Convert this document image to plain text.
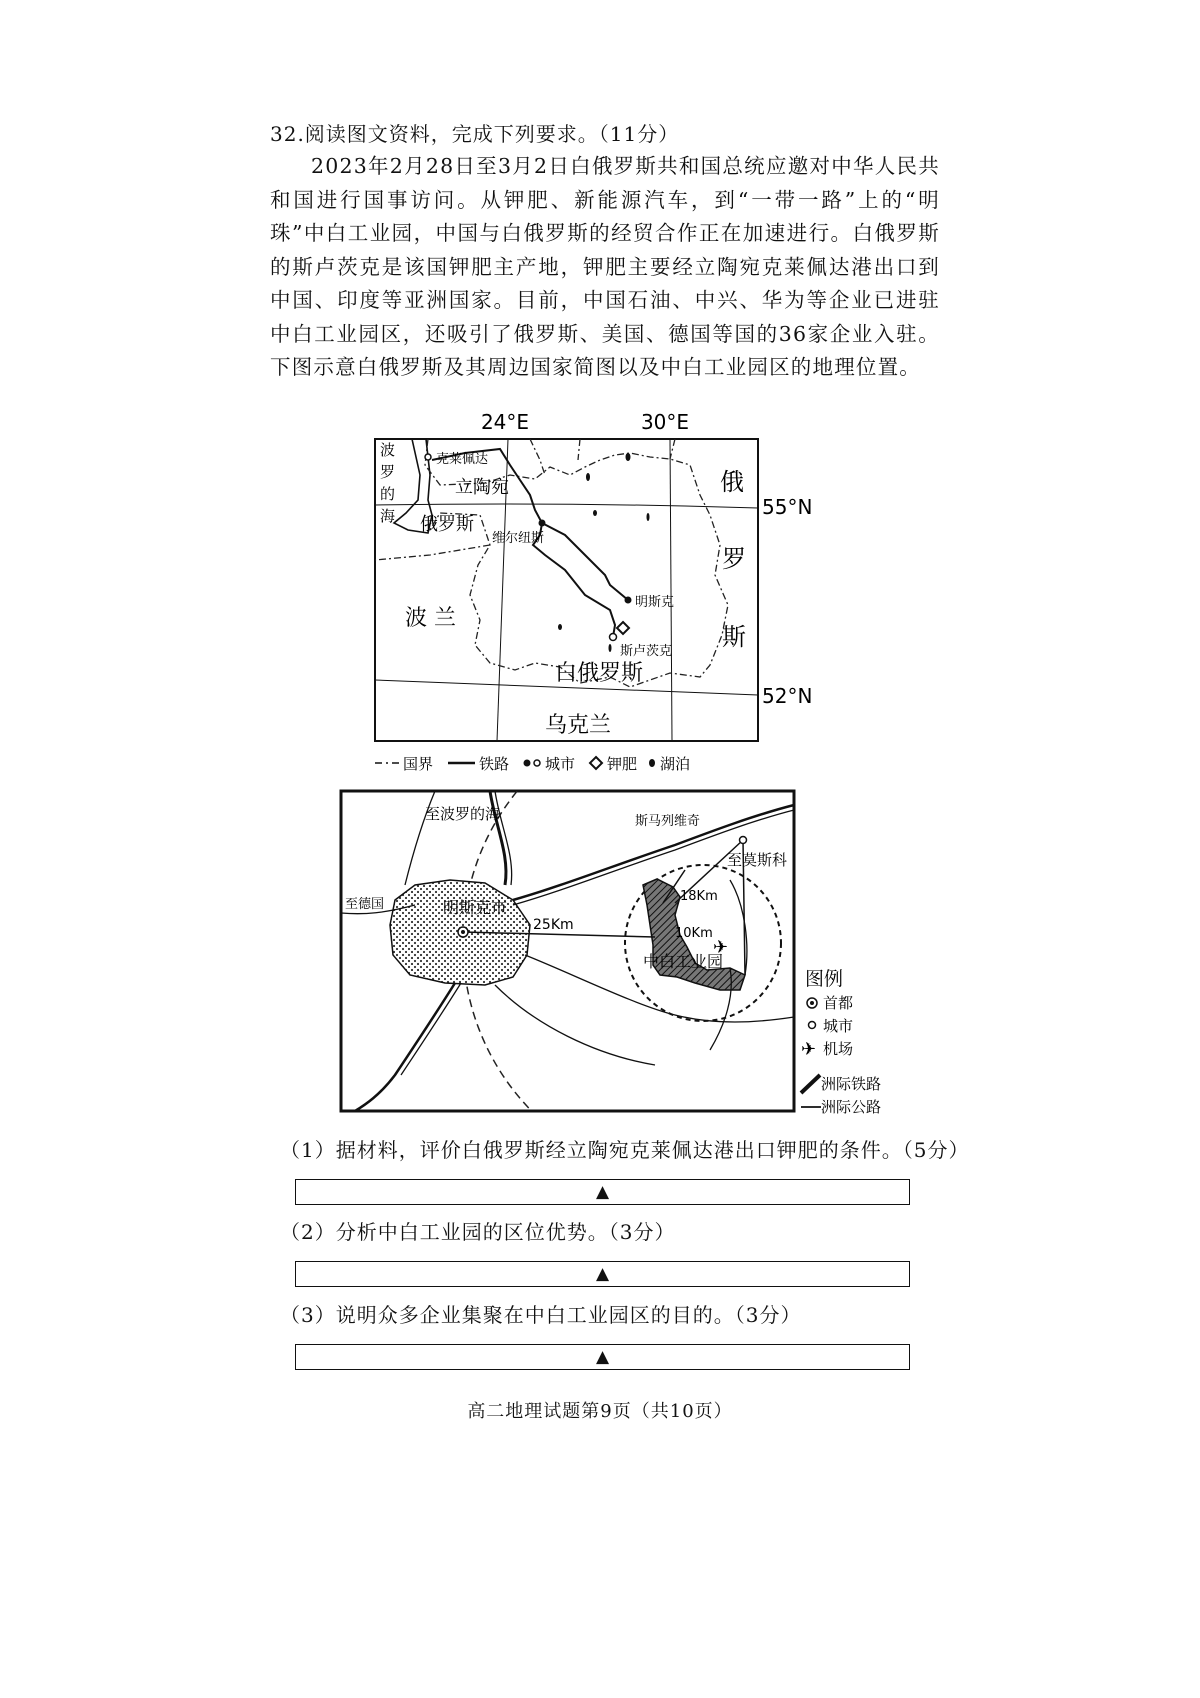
32.阅读图文资料，完成下列要求。（11分）

2023年2月28日至3月2日白俄罗斯共和国总统应邀对中华人民共和国进行国事访问。从钾肥、新能源汽车，到“一带一路”上的“明珠”中白工业园，中国与白俄罗斯的经贸合作正在加速进行。白俄罗斯的斯卢茨克是该国钾肥主产地，钾肥主要经立陶宛克莱佩达港出口到中国、印度等亚洲国家。目前，中国石油、中兴、华为等企业已进驻中白工业园区，还吸引了俄罗斯、美国、德国等国的36家企业入驻。下图示意白俄罗斯及其周边国家简图以及中白工业园区的地理位置。

24°E	30°E
55°N
52°N
波
罗
的
海
克莱佩达
立陶宛
俄罗斯
维尔纽斯
明斯克
斯卢茨克
波 兰
白俄罗斯
乌克兰
俄
罗
斯
国界	铁路 城市 钾肥 湖泊
✈
至波罗的海
至德国
斯马列维奇
至莫斯科
明斯克市
25Km
18Km
10Km
中白工业园
图例
首都
城市
✈ 机场
洲际铁路
洲际公路
（1）据材料，评价白俄罗斯经立陶宛克莱佩达港出口钾肥的条件。（5分）
▲
（2）分析中白工业园的区位优势。（3分）
▲
（3）说明众多企业集聚在中白工业园区的目的。（3分）
▲
高二地理试题第9页（共10页）
